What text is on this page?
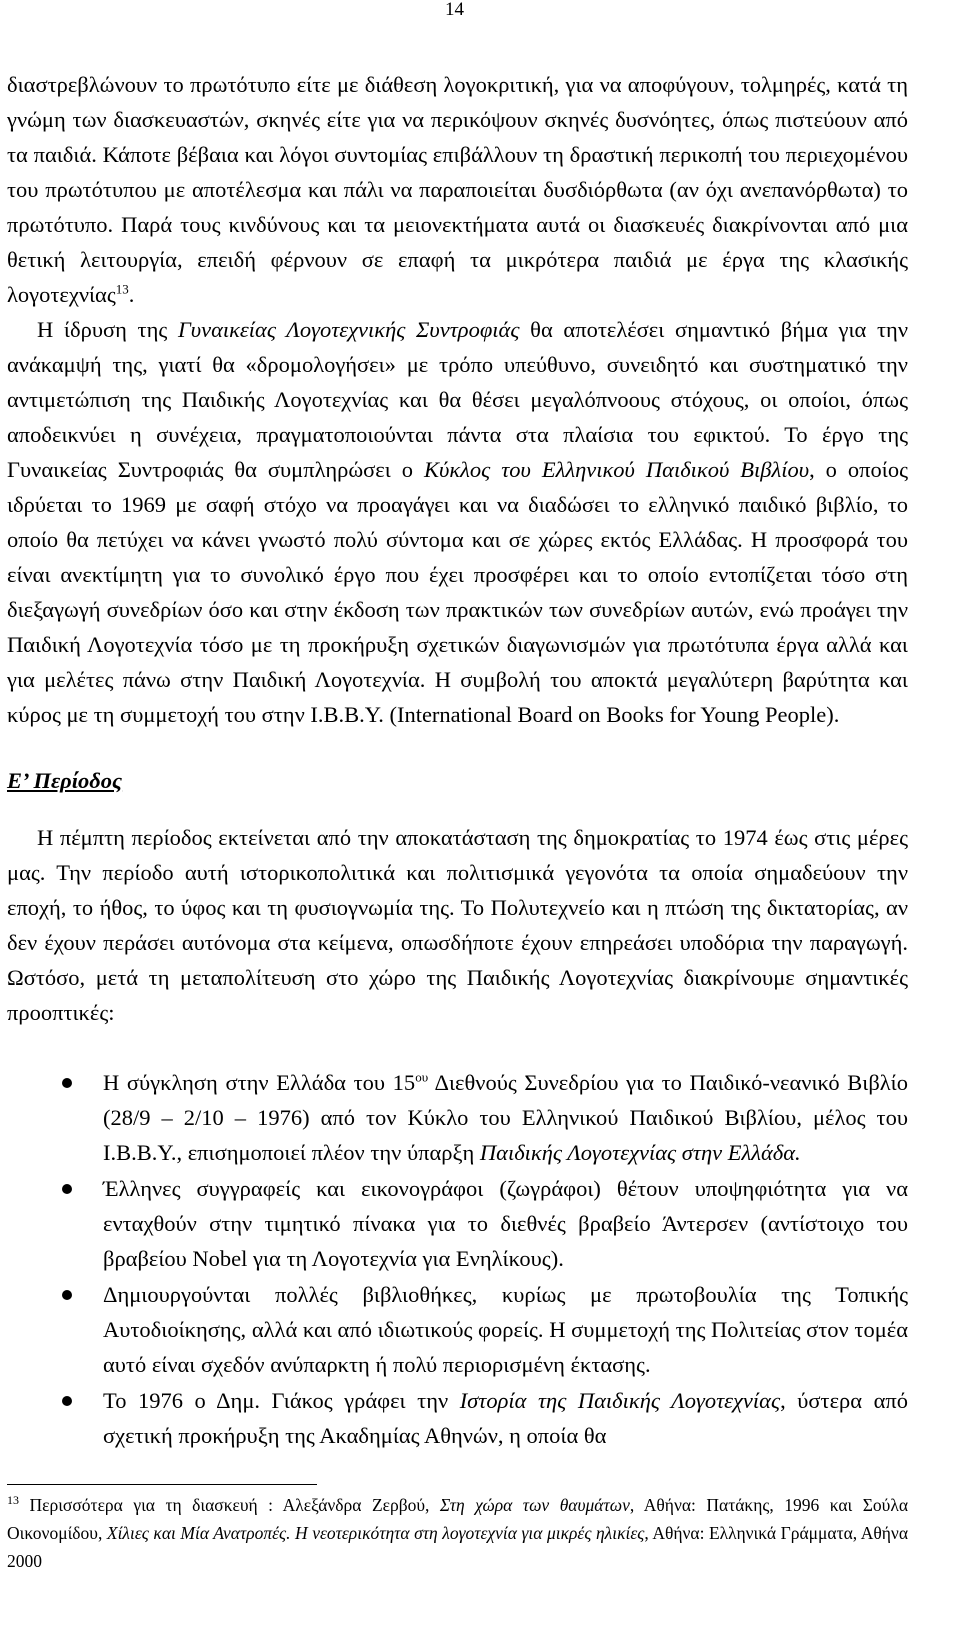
14

διαστρεβλώνουν το πρωτότυπο είτε με διάθεση λογοκριτική, για να αποφύγουν, τολμηρές, κατά τη γνώμη των διασκευαστών, σκηνές είτε για να περικόψουν σκηνές δυσνόητες, όπως πιστεύουν από τα παιδιά. Κάποτε βέβαια και λόγοι συντομίας επιβάλλουν τη δραστική περικοπή του περιεχομένου του πρωτότυπου με αποτέλεσμα και πάλι να παραποιείται δυσδιόρθωτα (αν όχι ανεπανόρθωτα) το πρωτότυπο. Παρά τους κινδύνους και τα μειονεκτήματα αυτά οι διασκευές διακρίνονται από μια θετική λειτουργία, επειδή φέρνουν σε επαφή τα μικρότερα παιδιά με έργα της κλασικής λογοτεχνίας$^{13}$.

Η ίδρυση της Γυναικείας Λογοτεχνικής Συντροφιάς θα αποτελέσει σημαντικό βήμα για την ανάκαμψή της, γιατί θα «δρομολογήσει» με τρόπο υπεύθυνο, συνειδητό και συστηματικό την αντιμετώπιση της Παιδικής Λογοτεχνίας και θα θέσει μεγαλόπνοους στόχους, οι οποίοι, όπως αποδεικνύει η συνέχεια, πραγματοποιούνται πάντα στα πλαίσια του εφικτού. Το έργο της Γυναικείας Συντροφιάς θα συμπληρώσει ο Κύκλος του Ελληνικού Παιδικού Βιβλίου, ο οποίος ιδρύεται το 1969 με σαφή στόχο να προαγάγει και να διαδώσει το ελληνικό παιδικό βιβλίο, το οποίο θα πετύχει να κάνει γνωστό πολύ σύντομα και σε χώρες εκτός Ελλάδας. Η προσφορά του είναι ανεκτίμητη για το συνολικό έργο που έχει προσφέρει και το οποίο εντοπίζεται τόσο στη διεξαγωγή συνεδρίων όσο και στην έκδοση των πρακτικών των συνεδρίων αυτών, ενώ προάγει την Παιδική Λογοτεχνία τόσο με τη προκήρυξη σχετικών διαγωνισμών για πρωτότυπα έργα αλλά και για μελέτες πάνω στην Παιδική Λογοτεχνία. Η συμβολή του αποκτά μεγαλύτερη βαρύτητα και κύρος με τη συμμετοχή του στην Ι.Β.Β.Υ. (International Board on Books for Young People).

Ε’ Περίοδος

Η πέμπτη περίοδος εκτείνεται από την αποκατάσταση της δημοκρατίας το 1974 έως στις μέρες μας. Την περίοδο αυτή ιστορικοπολιτικά και πολιτισμικά γεγονότα τα οποία σημαδεύουν την εποχή, το ήθος, το ύφος και τη φυσιογνωμία της. Το Πολυτεχνείο και η πτώση της δικτατορίας, αν δεν έχουν περάσει αυτόνομα στα κείμενα, οπωσδήποτε έχουν επηρεάσει υποδόρια την παραγωγή. Ωστόσο, μετά τη μεταπολίτευση στο χώρο της Παιδικής Λογοτεχνίας διακρίνουμε σημαντικές προοπτικές:

Η σύγκληση στην Ελλάδα του $15^{o\upsilon}$ Διεθνούς Συνεδρίου για το Παιδικό-νεανικό Βιβλίο (28/9 – 2/10 – 1976) από τον Κύκλο του Ελληνικού Παιδικού Βιβλίου, μέλος του Ι.Β.Β.Υ., επισημοποιεί πλέον την ύπαρξη Παιδικής Λογοτεχνίας στην Ελλάδα.
Έλληνες συγγραφείς και εικονογράφοι (ζωγράφοι) θέτουν υποψηφιότητα για να ενταχθούν στην τιμητικό πίνακα για το διεθνές βραβείο Άντερσεν (αντίστοιχο του βραβείου Nobel για τη Λογοτεχνία για Ενηλίκους).
Δημιουργούνται πολλές βιβλιοθήκες, κυρίως με πρωτοβουλία της Τοπικής Αυτοδιοίκησης, αλλά και από ιδιωτικούς φορείς. Η συμμετοχή της Πολιτείας στον τομέα αυτό είναι σχεδόν ανύπαρκτη ή πολύ περιορισμένη έκτασης.
Το 1976 ο Δημ. Γιάκος γράφει την Ιστορία της Παιδικής Λογοτεχνίας, ύστερα από σχετική προκήρυξη της Ακαδημίας Αθηνών, η οποία θα

$^{13}$ Περισσότερα για τη διασκευή : Αλεξάνδρα Ζερβού, Στη χώρα των θαυμάτων, Αθήνα: Πατάκης, 1996 και Σούλα Οικονομίδου, Χίλιες και Μία Ανατροπές. Η νεοτερικότητα στη λογοτεχνία για μικρές ηλικίες, Αθήνα: Ελληνικά Γράμματα, Αθήνα 2000
